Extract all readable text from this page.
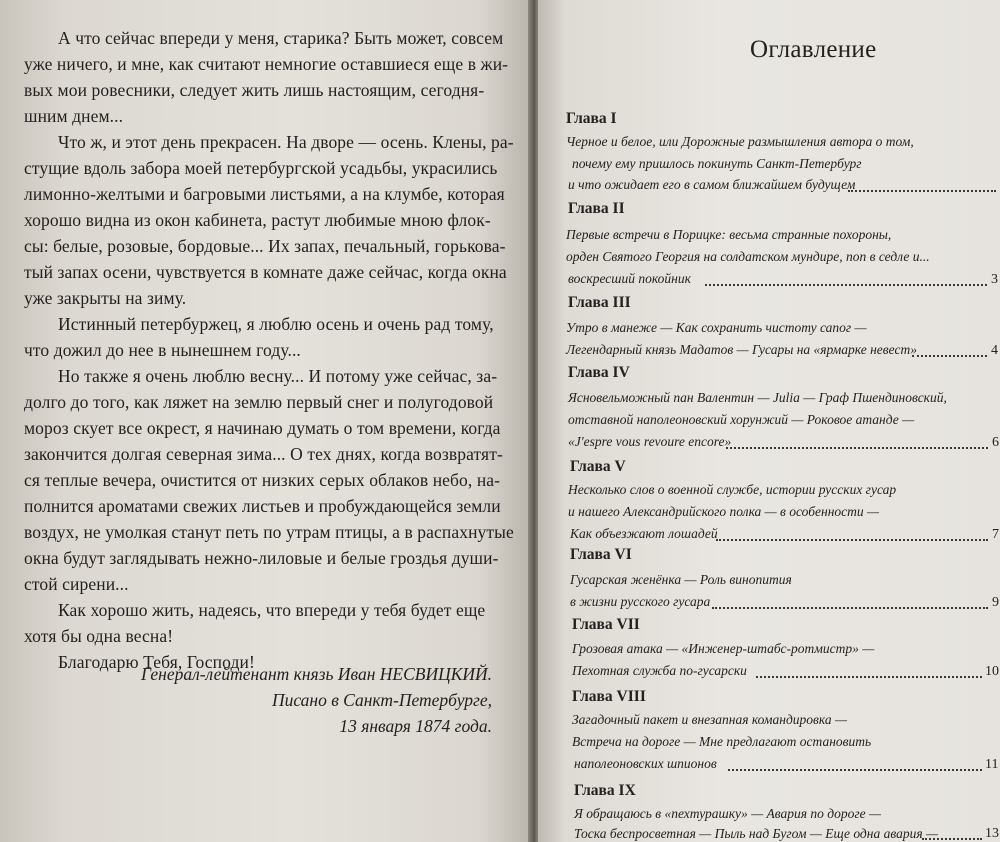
А что сейчас впереди у меня, старика? Быть может, совсем
уже ничего, и мне, как считают немногие оставшиеся еще в жи-
вых мои ровесники, следует жить лишь настоящим, сегодня-
шним днем...
Что ж, и этот день прекрасен. На дворе — осень. Клены, ра-
стущие вдоль забора моей петербургской усадьбы, украсились
лимонно-желтыми и багровыми листьями, а на клумбе, которая
хорошо видна из окон кабинета, растут любимые мною флок-
сы: белые, розовые, бордовые... Их запах, печальный, горькова-
тый запах осени, чувствуется в комнате даже сейчас, когда окна
уже закрыты на зиму.
Истинный петербуржец, я люблю осень и очень рад тому,
что дожил до нее в нынешнем году...
Но также я очень люблю весну... И потому уже сейчас, за-
долго до того, как ляжет на землю первый снег и полугодовой
мороз скует все окрест, я начинаю думать о том времени, когда
закончится долгая северная зима... О тех днях, когда возвратят-
ся теплые вечера, очистится от низких серых облаков небо, на-
полнится ароматами свежих листьев и пробуждающейся земли
воздух, не умолкая станут петь по утрам птицы, а в распахнутые
окна будут заглядывать нежно-лиловые и белые гроздья души-
стой сирени...
Как хорошо жить, надеясь, что впереди у тебя будет еще
хотя бы одна весна!
Благодарю Тебя, Господи!
Генерал-лейтенант князь Иван НЕСВИЦКИЙ.
Писано в Санкт-Петербурге,
13 января 1874 года.
Оглавление
Глава I
Черное и белое, или Дорожные размышления автора о том,
почему ему пришлось покинуть Санкт-Петербург
и что ожидает его в самом ближайшем будущем
Глава II
Первые встречи в Порицке: весьма странные похороны,
орден Святого Георгия на солдатском мундире, поп в седле и...
воскресший покойник	3
Глава III
Утро в манеже — Как сохранить чистоту сапог —
Легендарный князь Мадатов — Гусары на «ярмарке невест»	4
Глава IV
Ясновельможный пан Валентин — Julia — Граф Пшендиновский,
отставной наполеоновский хорунжий — Роковое атанде —
«J'espre vous revoure encore»	6
Глава V
Несколько слов о военной службе, истории русских гусар
и нашего Александрийского полка — в особенности —
Как объезжают лошадей	7
Глава VI
Гусарская женёнка — Роль винопития
в жизни русского гусара	9
Глава VII
Грозовая атака — «Инженер-штабс-ротмистр» —
Пехотная служба по-гусарски	10
Глава VIII
Загадочный пакет и внезапная командировка —
Встреча на дороге — Мне предлагают остановить
наполеоновских шпионов	11
Глава IX
Я обращаюсь в «пехтурашку» — Авария по дороге —
Тоска беспросветная — Пыль над Бугом — Еще одна авария —	13
